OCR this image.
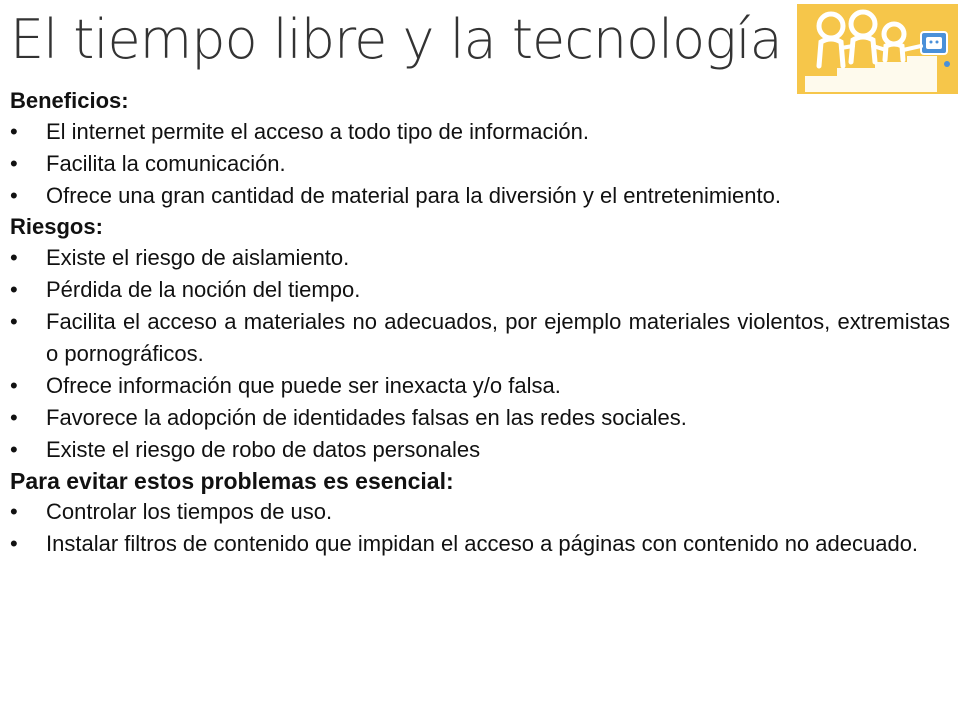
El tiempo libre y la tecnología

Beneficios:

• El internet permite el acceso a todo tipo de información.
• Facilita la comunicación.
• Ofrece una gran cantidad de material para la diversión y el entretenimiento.

Riesgos:

• Existe el riesgo de aislamiento.
• Pérdida de la noción del tiempo.
• Facilita el acceso a materiales no adecuados, por ejemplo materiales violentos, extremistas o pornográficos.
• Ofrece información que puede ser inexacta y/o falsa.
• Favorece la adopción de identidades falsas en las redes sociales.
• Existe el riesgo de robo de datos personales

Para evitar estos problemas es esencial:

• Controlar los tiempos de uso.
• Instalar filtros de contenido que impidan el acceso a páginas con contenido no adecuado.
